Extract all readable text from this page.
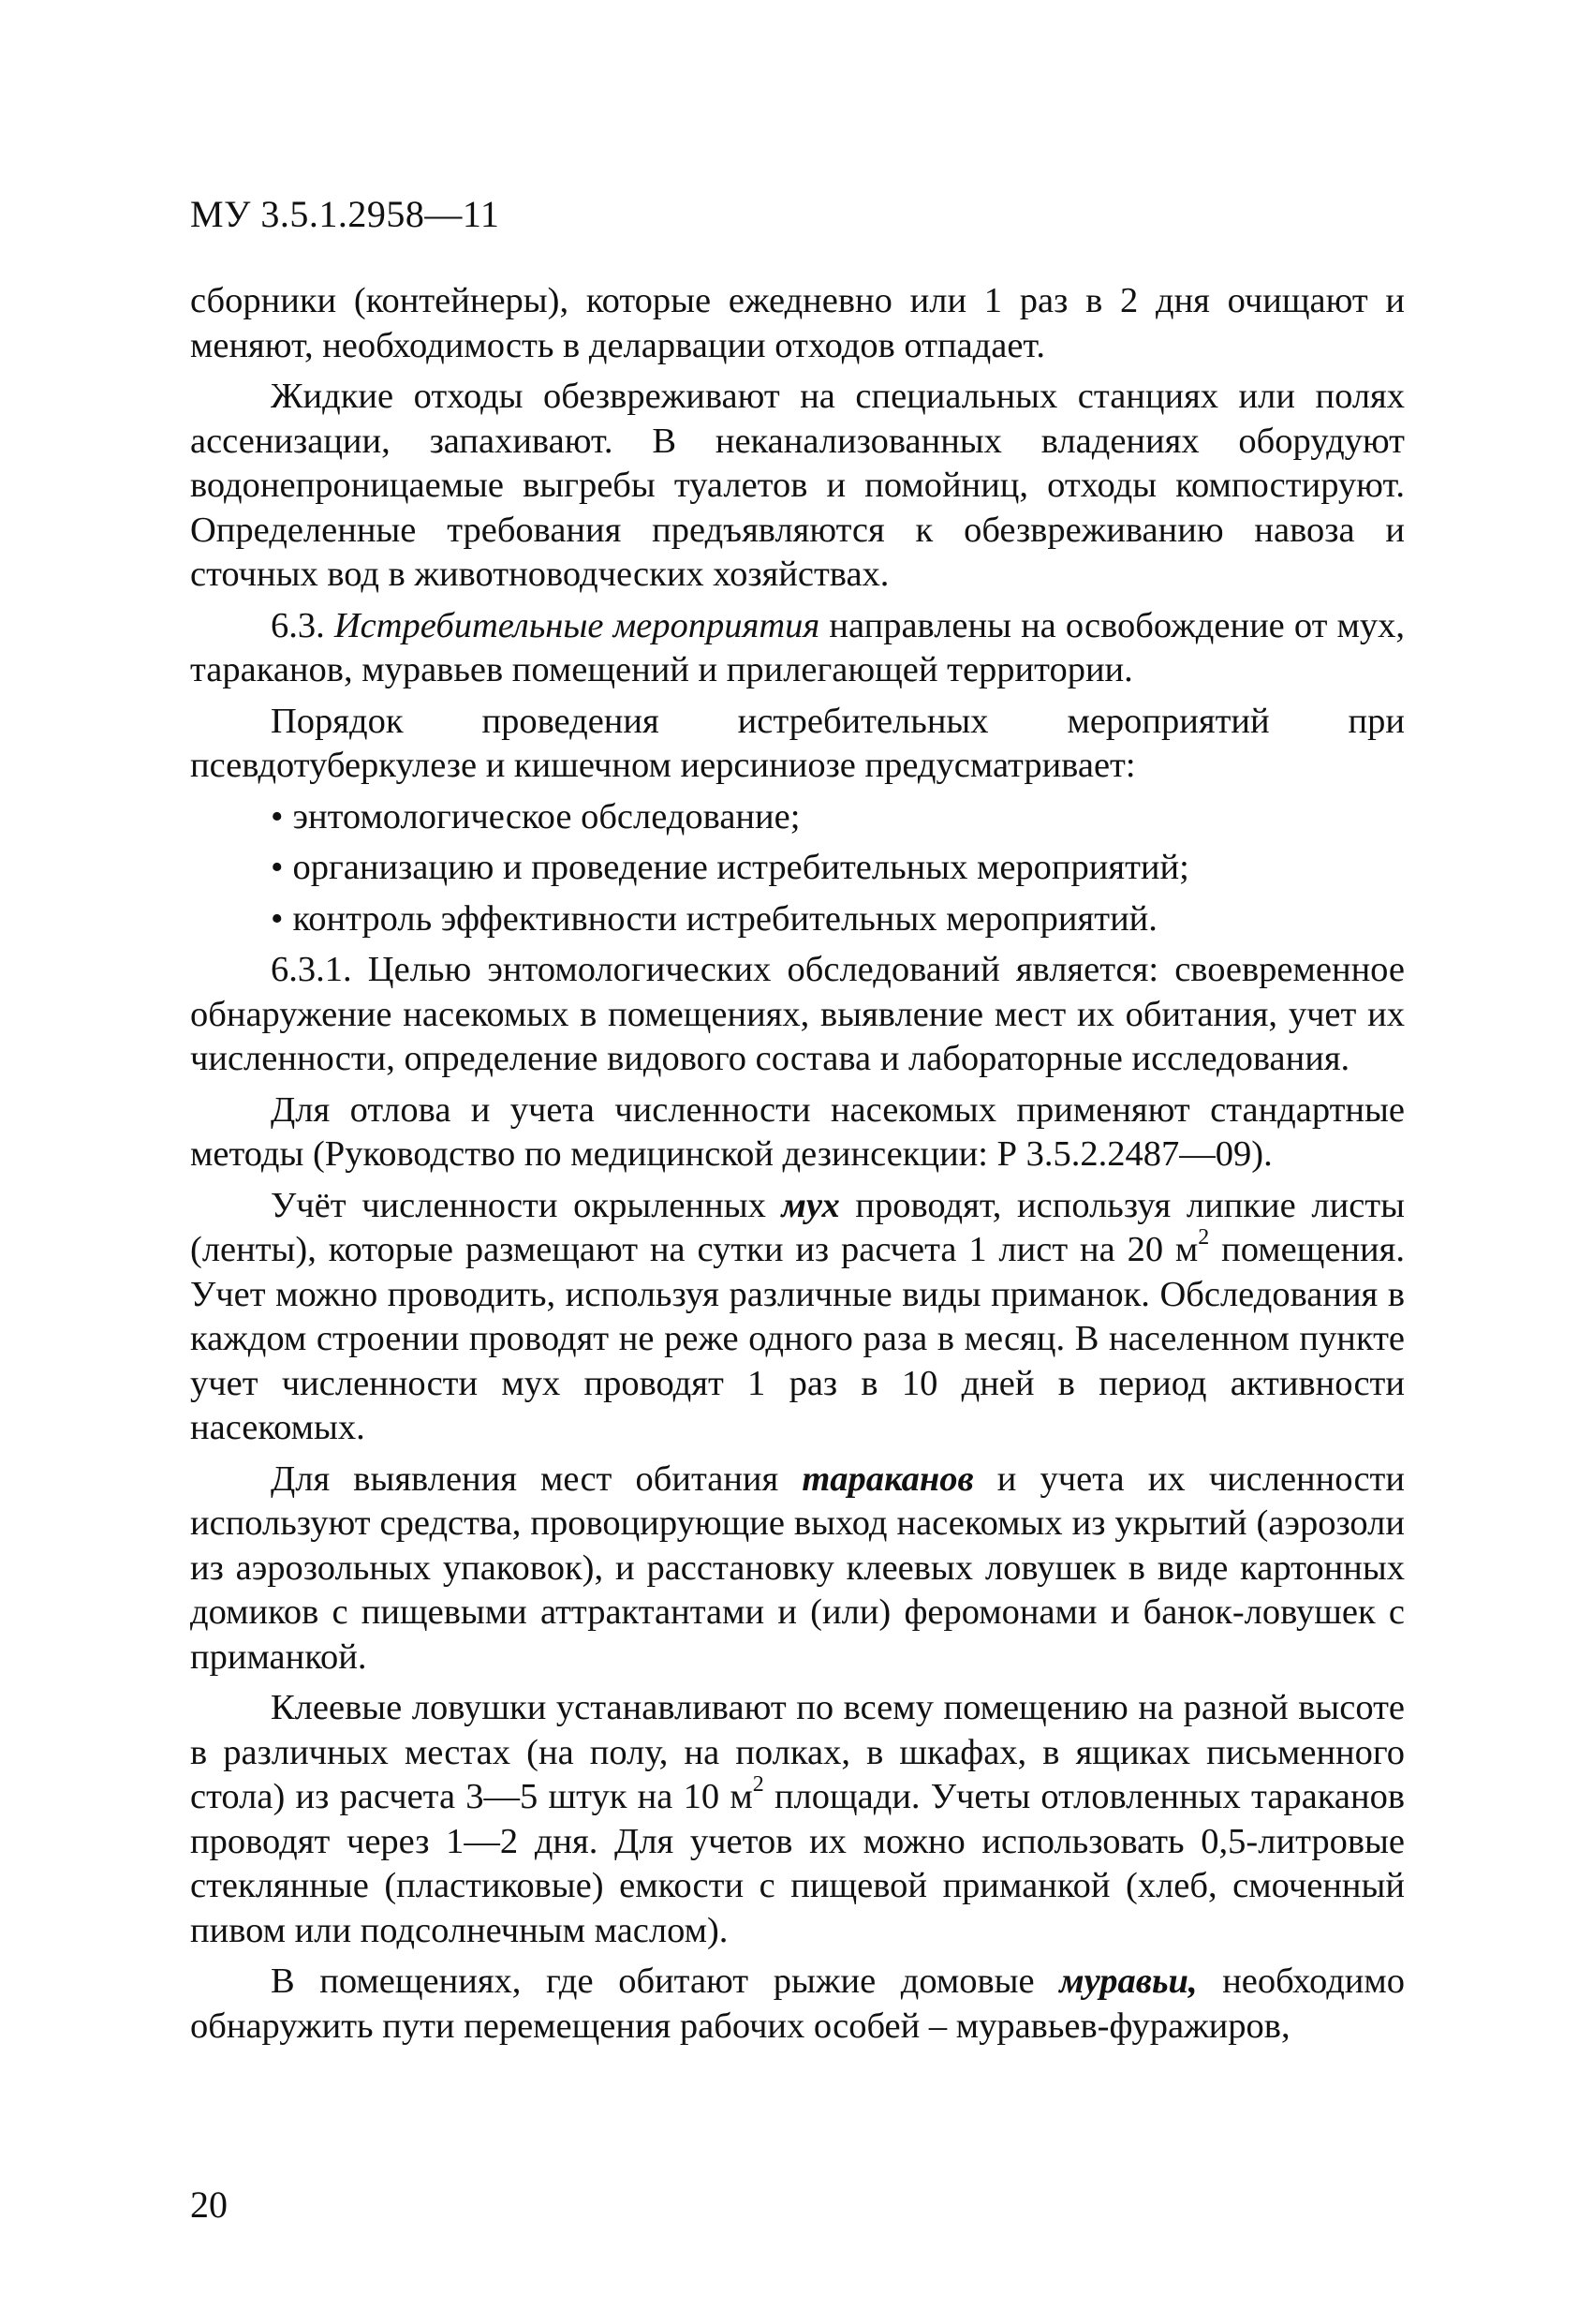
МУ 3.5.1.2958—11

сборники (контейнеры), которые ежедневно или 1 раз в 2 дня очищают и меняют, необходимость в деларвации отходов отпадает.

Жидкие отходы обезвреживают на специальных станциях или полях ассенизации, запахивают. В неканализованных владениях оборудуют водонепроницаемые выгребы туалетов и помойниц, отходы компостируют. Определенные требования предъявляются к обезвреживанию навоза и сточных вод в животноводческих хозяйствах.

6.3. Истребительные мероприятия направлены на освобождение от мух, тараканов, муравьев помещений и прилегающей территории.

Порядок проведения истребительных мероприятий при псевдотуберкулезе и кишечном иерсиниозе предусматривает:

• энтомологическое обследование;
• организацию и проведение истребительных мероприятий;
• контроль эффективности истребительных мероприятий.

6.3.1. Целью энтомологических обследований является: своевременное обнаружение насекомых в помещениях, выявление мест их обитания, учет их численности, определение видового состава и лабораторные исследования.

Для отлова и учета численности насекомых применяют стандартные методы (Руководство по медицинской дезинсекции: Р 3.5.2.2487—09).

Учёт численности окрыленных мух проводят, используя липкие листы (ленты), которые размещают на сутки из расчета 1 лист на 20 $м^2$ помещения. Учет можно проводить, используя различные виды приманок. Обследования в каждом строении проводят не реже одного раза в месяц. В населенном пункте учет численности мух проводят 1 раз в 10 дней в период активности насекомых.

Для выявления мест обитания тараканов и учета их численности используют средства, провоцирующие выход насекомых из укрытий (аэрозоли из аэрозольных упаковок), и расстановку клеевых ловушек в виде картонных домиков с пищевыми аттрактантами и (или) феромонами и банок-ловушек с приманкой.

Клеевые ловушки устанавливают по всему помещению на разной высоте в различных местах (на полу, на полках, в шкафах, в ящиках письменного стола) из расчета 3—5 штук на 10 $м^2$ площади. Учеты отловленных тараканов проводят через 1—2 дня. Для учетов их можно использовать 0,5-литровые стеклянные (пластиковые) емкости с пищевой приманкой (хлеб, смоченный пивом или подсолнечным маслом).

В помещениях, где обитают рыжие домовые муравьи, необходимо обнаружить пути перемещения рабочих особей – муравьев-фуражиров,

20
